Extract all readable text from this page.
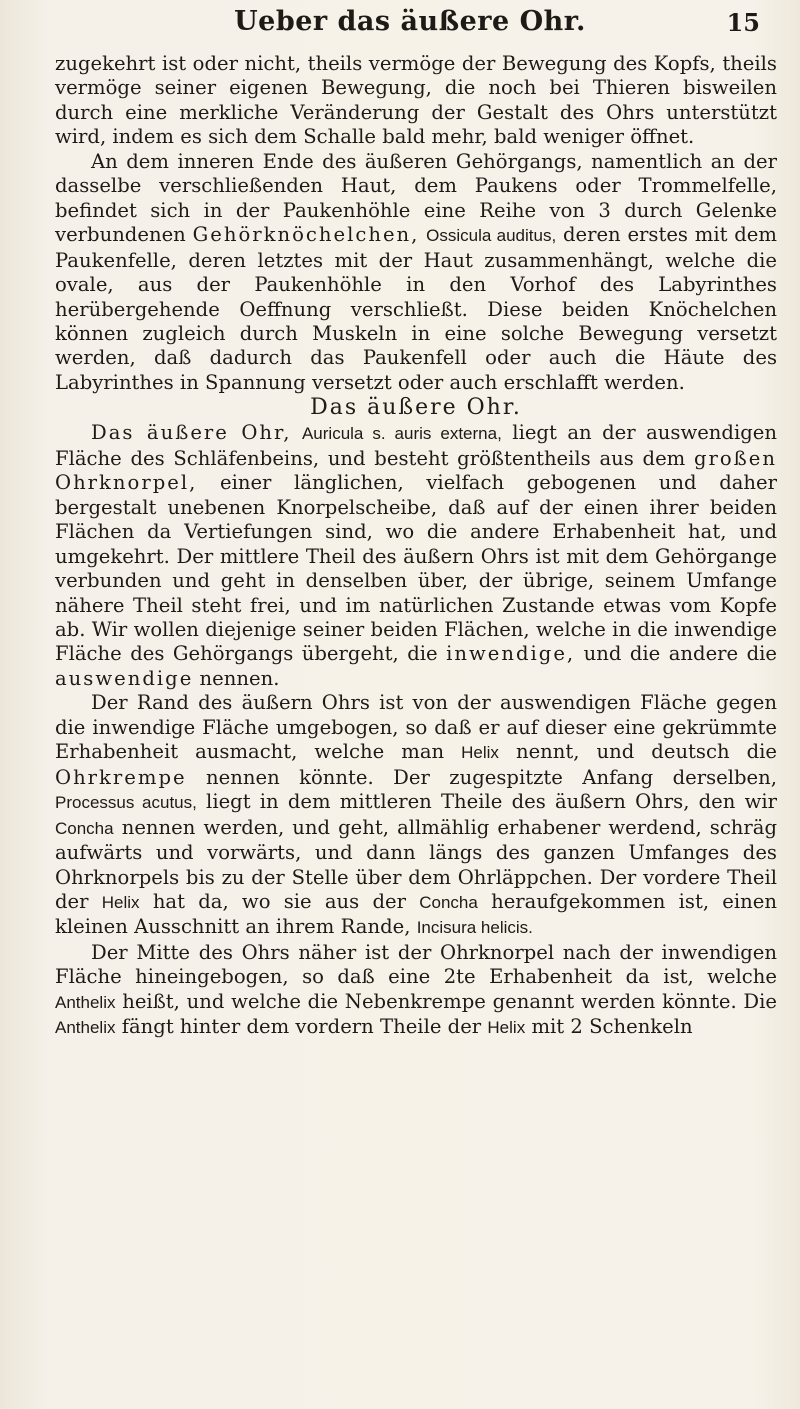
Ueber das äußere Ohr.	15

zugekehrt ist oder nicht, theils vermöge der Bewegung des Kopfs, theils vermöge seiner eigenen Bewegung, die noch bei Thieren bisweilen durch eine merkliche Veränderung der Gestalt des Ohrs unterstützt wird, indem es sich dem Schalle bald mehr, bald weniger öffnet.

An dem inneren Ende des äußeren Gehörgangs, namentlich an der dasselbe verschließenden Haut, dem Paukens oder Trommelfelle, befindet sich in der Paukenhöhle eine Reihe von 3 durch Gelenke verbundenen Gehörknöchelchen, Ossicula auditus, deren erstes mit dem Paukenfelle, deren letztes mit der Haut zusammenhängt, welche die ovale, aus der Paukenhöhle in den Vorhof des Labyrinthes herübergehende Oeffnung verschließt. Diese beiden Knöchelchen können zugleich durch Muskeln in eine solche Bewegung versetzt werden, daß dadurch das Paukenfell oder auch die Häute des Labyrinthes in Spannung versetzt oder auch erschlafft werden.

Das äußere Ohr.

Das äußere Ohr, Auricula s. auris externa, liegt an der auswendigen Fläche des Schläfenbeins, und besteht größtentheils aus dem großen Ohrknorpel, einer länglichen, vielfach gebogenen und daher bergestalt unebenen Knorpelscheibe, daß auf der einen ihrer beiden Flächen da Vertiefungen sind, wo die andere Erhabenheit hat, und umgekehrt. Der mittlere Theil des äußern Ohrs ist mit dem Gehörgange verbunden und geht in denselben über, der übrige, seinem Umfange nähere Theil steht frei, und im natürlichen Zustande etwas vom Kopfe ab. Wir wollen diejenige seiner beiden Flächen, welche in die inwendige Fläche des Gehörgangs übergeht, die inwendige, und die andere die auswendige nennen.

Der Rand des äußern Ohrs ist von der auswendigen Fläche gegen die inwendige Fläche umgebogen, so daß er auf dieser eine gekrümmte Erhabenheit ausmacht, welche man Helix nennt, und deutsch die Ohrkrempe nennen könnte. Der zugespitzte Anfang derselben, Processus acutus, liegt in dem mittleren Theile des äußern Ohrs, den wir Concha nennen werden, und geht, allmählig erhabener werdend, schräg aufwärts und vorwärts, und dann längs des ganzen Umfanges des Ohrknorpels bis zu der Stelle über dem Ohrläppchen. Der vordere Theil der Helix hat da, wo sie aus der Concha heraufgekommen ist, einen kleinen Ausschnitt an ihrem Rande, Incisura helicis.

Der Mitte des Ohrs näher ist der Ohrknorpel nach der inwendigen Fläche hineingebogen, so daß eine 2te Erhabenheit da ist, welche Anthelix heißt, und welche die Nebenkrempe genannt werden könnte. Die Anthelix fängt hinter dem vordern Theile der Helix mit 2 Schenkeln
